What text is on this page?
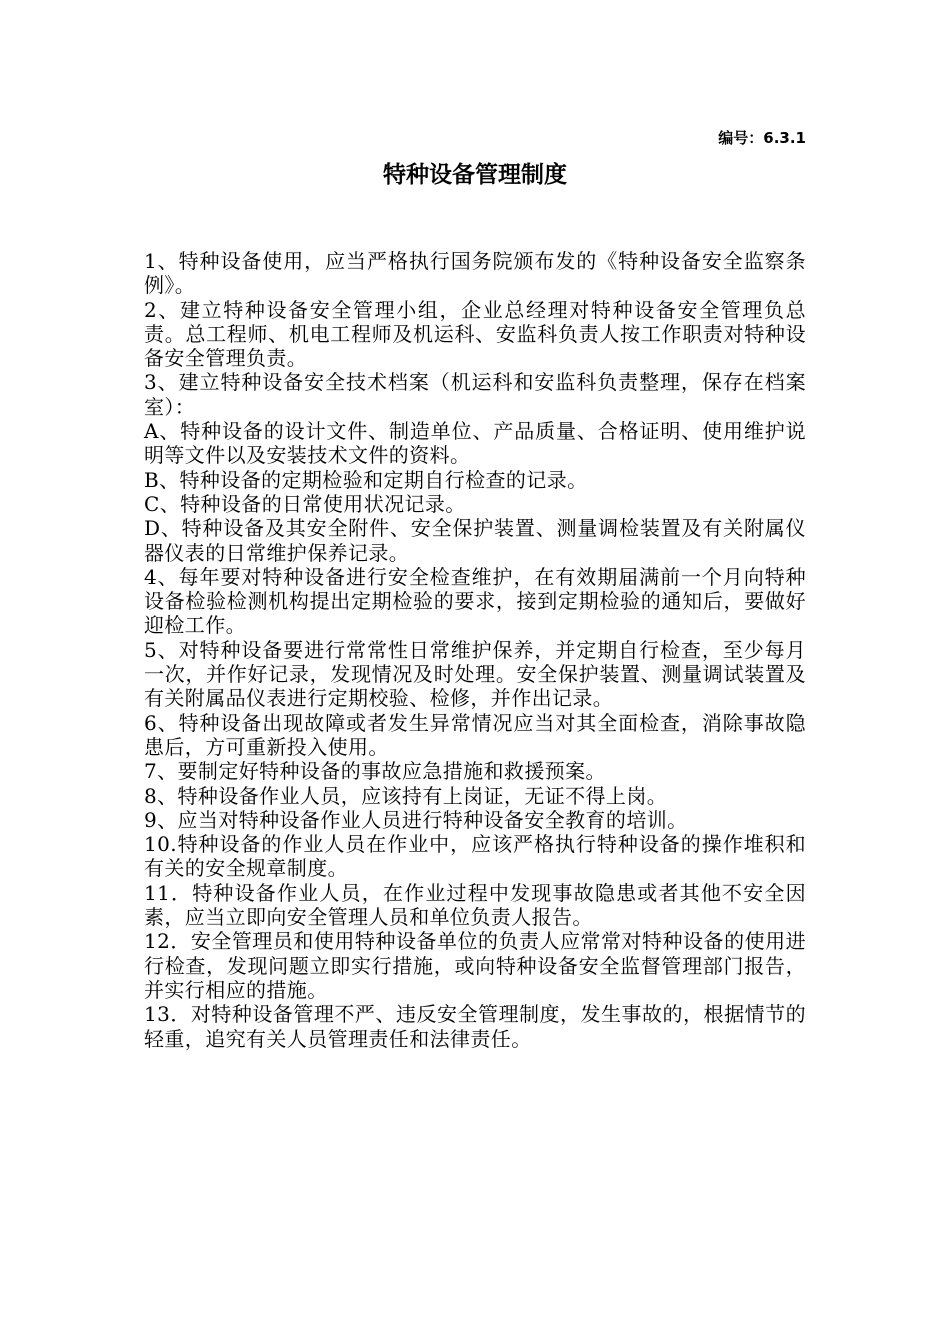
编号：6.3.1
特种设备管理制度

1、特种设备使用，应当严格执行国务院颁布发的《特种设备安全监察条例》。

2、建立特种设备安全管理小组，企业总经理对特种设备安全管理负总责。总工程师、机电工程师及机运科、安监科负责人按工作职责对特种设备安全管理负责。

3、建立特种设备安全技术档案（机运科和安监科负责整理，保存在档案室）：

A、特种设备的设计文件、制造单位、产品质量、合格证明、使用维护说明等文件以及安装技术文件的资料。

B、特种设备的定期检验和定期自行检查的记录。

C、特种设备的日常使用状况记录。

D、特种设备及其安全附件、安全保护装置、测量调检装置及有关附属仪器仪表的日常维护保养记录。

4、每年要对特种设备进行安全检查维护，在有效期届满前一个月向特种设备检验检测机构提出定期检验的要求，接到定期检验的通知后，要做好迎检工作。

5、对特种设备要进行常常性日常维护保养，并定期自行检查，至少每月一次，并作好记录，发现情况及时处理。安全保护装置、测量调试装置及有关附属品仪表进行定期校验、检修，并作出记录。

6、特种设备出现故障或者发生异常情况应当对其全面检查，消除事故隐患后，方可重新投入使用。

7、要制定好特种设备的事故应急措施和救援预案。

8、特种设备作业人员，应该持有上岗证，无证不得上岗。

9、应当对特种设备作业人员进行特种设备安全教育的培训。

10.特种设备的作业人员在作业中，应该严格执行特种设备的操作堆积和有关的安全规章制度。

11．特种设备作业人员，在作业过程中发现事故隐患或者其他不安全因素，应当立即向安全管理人员和单位负责人报告。

12．安全管理员和使用特种设备单位的负责人应常常对特种设备的使用进行检查，发现问题立即实行措施，或向特种设备安全监督管理部门报告，并实行相应的措施。

13．对特种设备管理不严、违反安全管理制度，发生事故的，根据情节的轻重，追究有关人员管理责任和法律责任。
